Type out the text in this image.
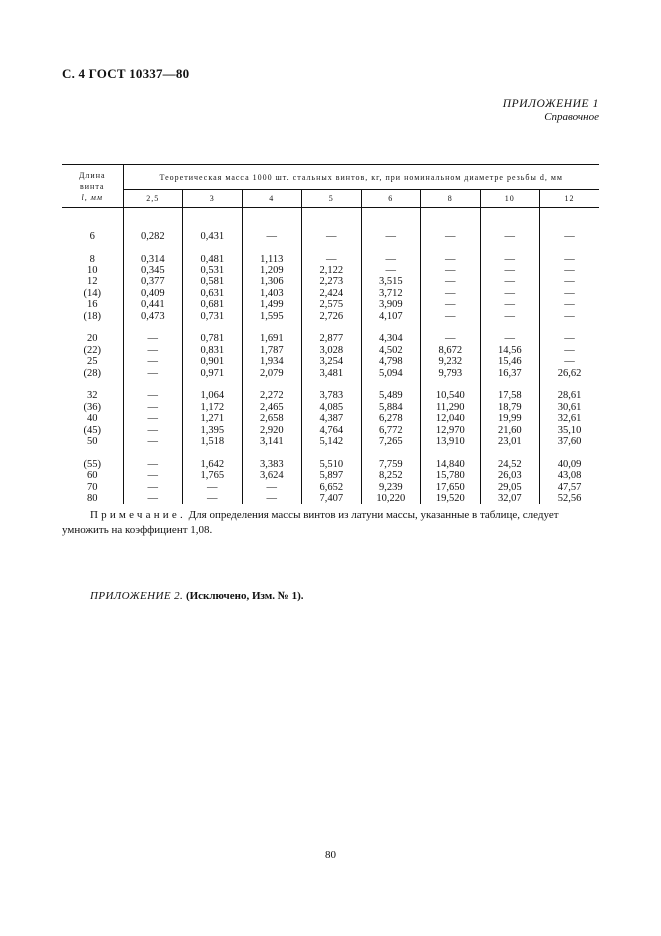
С. 4 ГОСТ 10337—80
ПРИЛОЖЕНИЕ 1
Справочное
Длина
винта
l, мм	Теоретическая масса 1000 шт. стальных винтов, кг, при номинальном диаметре резьбы d, мм							
	2,5	3	4	5	6	8	10	12

6	0,282	0,431	—	—	—	—	—	—

8	0,314	0,481	1,113	—	—	—	—	—
10	0,345	0,531	1,209	2,122	—	—	—	—
12	0,377	0,581	1,306	2,273	3,515	—	—	—
(14)	0,409	0,631	1,403	2,424	3,712	—	—	—
16	0,441	0,681	1,499	2,575	3,909	—	—	—
(18)	0,473	0,731	1,595	2,726	4,107	—	—	—

20	—	0,781	1,691	2,877	4,304	—	—	—
(22)	—	0,831	1,787	3,028	4,502	8,672	14,56	—
25	—	0,901	1,934	3,254	4,798	9,232	15,46	—
(28)	—	0,971	2,079	3,481	5,094	9,793	16,37	26,62

32	—	1,064	2,272	3,783	5,489	10,540	17,58	28,61
(36)	—	1,172	2,465	4,085	5,884	11,290	18,79	30,61
40	—	1,271	2,658	4,387	6,278	12,040	19,99	32,61
(45)	—	1,395	2,920	4,764	6,772	12,970	21,60	35,10
50	—	1,518	3,141	5,142	7,265	13,910	23,01	37,60

(55)	—	1,642	3,383	5,510	7,759	14,840	24,52	40,09
60	—	1,765	3,624	5,897	8,252	15,780	26,03	43,08
70	—	—	—	6,652	9,239	17,650	29,05	47,57
80	—	—	—	7,407	10,220	19,520	32,07	52,56
Примечание. Для определения массы винтов из латуни массы, указанные в таблице, следует
умножить на коэффициент 1,08.
ПРИЛОЖЕНИЕ 2. (Исключено, Изм. № 1).
80
